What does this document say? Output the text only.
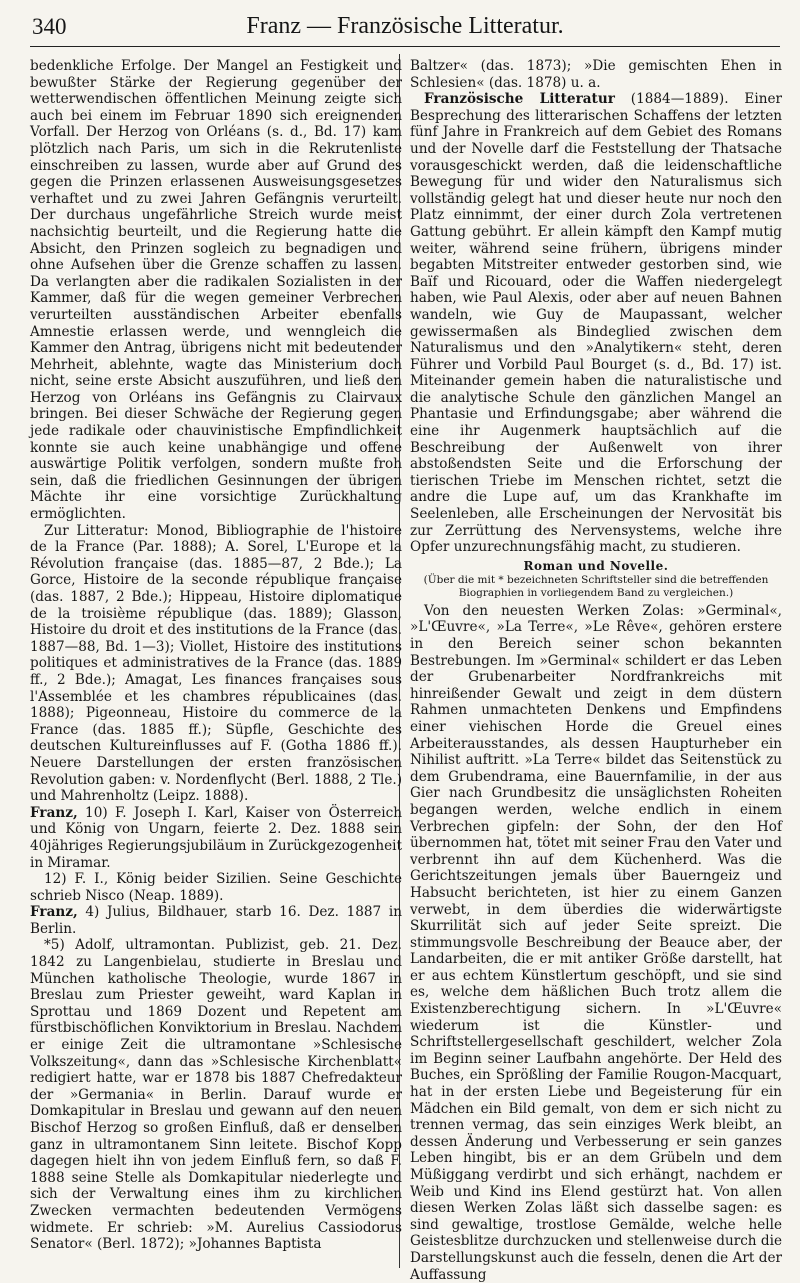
340	Franz — Französische Litteratur.

bedenkliche Erfolge. Der Mangel an Festigkeit und bewußter Stärke der Regierung gegenüber der wetterwendischen öffentlichen Meinung zeigte sich auch bei einem im Februar 1890 sich ereignenden Vorfall. Der Herzog von Orléans (s. d., Bd. 17) kam plötzlich nach Paris, um sich in die Rekrutenliste einschreiben zu lassen, wurde aber auf Grund des gegen die Prinzen erlassenen Ausweisungsgesetzes verhaftet und zu zwei Jahren Gefängnis verurteilt. Der durchaus ungefährliche Streich wurde meist nachsichtig beurteilt, und die Regierung hatte die Absicht, den Prinzen sogleich zu begnadigen und ohne Aufsehen über die Grenze schaffen zu lassen. Da verlangten aber die radikalen Sozialisten in der Kammer, daß für die wegen gemeiner Verbrechen verurteilten ausständischen Arbeiter ebenfalls Amnestie erlassen werde, und wenngleich die Kammer den Antrag, übrigens nicht mit bedeutender Mehrheit, ablehnte, wagte das Ministerium doch nicht, seine erste Absicht auszuführen, und ließ den Herzog von Orléans ins Gefängnis zu Clairvaux bringen. Bei dieser Schwäche der Regierung gegen jede radikale oder chauvinistische Empfindlichkeit konnte sie auch keine unabhängige und offene auswärtige Politik verfolgen, sondern mußte froh sein, daß die friedlichen Gesinnungen der übrigen Mächte ihr eine vorsichtige Zurückhaltung ermöglichten.

Zur Litteratur: Monod, Bibliographie de l'histoire de la France (Par. 1888); A. Sorel, L'Europe et la Révolution française (das. 1885—87, 2 Bde.); La Gorce, Histoire de la seconde république française (das. 1887, 2 Bde.); Hippeau, Histoire diplomatique de la troisième république (das. 1889); Glasson, Histoire du droit et des institutions de la France (das. 1887—88, Bd. 1—3); Viollet, Histoire des institutions politiques et administratives de la France (das. 1889 ff., 2 Bde.); Amagat, Les finances françaises sous l'Assemblée et les chambres républicaines (das. 1888); Pigeonneau, Histoire du commerce de la France (das. 1885 ff.); Süpfle, Geschichte des deutschen Kultureinflusses auf F. (Gotha 1886 ff.). Neuere Darstellungen der ersten französischen Revolution gaben: v. Nordenflycht (Berl. 1888, 2 Tle.) und Mahrenholtz (Leipz. 1888).

Franz, 10) F. Joseph I. Karl, Kaiser von Österreich und König von Ungarn, feierte 2. Dez. 1888 sein 40jähriges Regierungsjubiläum in Zurückgezogenheit in Miramar.

12) F. I., König beider Sizilien. Seine Geschichte schrieb Nisco (Neap. 1889).

Franz, 4) Julius, Bildhauer, starb 16. Dez. 1887 in Berlin.

*5) Adolf, ultramontan. Publizist, geb. 21. Dez. 1842 zu Langenbielau, studierte in Breslau und München katholische Theologie, wurde 1867 in Breslau zum Priester geweiht, ward Kaplan in Sprottau und 1869 Dozent und Repetent am fürstbischöflichen Konviktorium in Breslau. Nachdem er einige Zeit die ultramontane »Schlesische Volkszeitung«, dann das »Schlesische Kirchenblatt« redigiert hatte, war er 1878 bis 1887 Chefredakteur der »Germania« in Berlin. Darauf wurde er Domkapitular in Breslau und gewann auf den neuen Bischof Herzog so großen Einfluß, daß er denselben ganz in ultramontanem Sinn leitete. Bischof Kopp dagegen hielt ihn von jedem Einfluß fern, so daß F. 1888 seine Stelle als Domkapitular niederlegte und sich der Verwaltung eines ihm zu kirchlichen Zwecken vermachten bedeutenden Vermögens widmete. Er schrieb: »M. Aurelius Cassiodorus Senator« (Berl. 1872); »Johannes Baptista

Baltzer« (das. 1873); »Die gemischten Ehen in Schlesien« (das. 1878) u. a.

Französische Litteratur (1884—1889). Einer Besprechung des litterarischen Schaffens der letzten fünf Jahre in Frankreich auf dem Gebiet des Romans und der Novelle darf die Feststellung der Thatsache vorausgeschickt werden, daß die leidenschaftliche Bewegung für und wider den Naturalismus sich vollständig gelegt hat und dieser heute nur noch den Platz einnimmt, der einer durch Zola vertretenen Gattung gebührt. Er allein kämpft den Kampf mutig weiter, während seine frühern, übrigens minder begabten Mitstreiter entweder gestorben sind, wie Baïf und Ricouard, oder die Waffen niedergelegt haben, wie Paul Alexis, oder aber auf neuen Bahnen wandeln, wie Guy de Maupassant, welcher gewissermaßen als Bindeglied zwischen dem Naturalismus und den »Analytikern« steht, deren Führer und Vorbild Paul Bourget (s. d., Bd. 17) ist. Miteinander gemein haben die naturalistische und die analytische Schule den gänzlichen Mangel an Phantasie und Erfindungsgabe; aber während die eine ihr Augenmerk hauptsächlich auf die Beschreibung der Außenwelt von ihrer abstoßendsten Seite und die Erforschung der tierischen Triebe im Menschen richtet, setzt die andre die Lupe auf, um das Krankhafte im Seelenleben, alle Erscheinungen der Nervosität bis zur Zerrüttung des Nervensystems, welche ihre Opfer unzurechnungsfähig macht, zu studieren.

Roman und Novelle.
(Über die mit * bezeichneten Schriftsteller sind die betreffenden Biographien in vorliegendem Band zu vergleichen.)

Von den neuesten Werken Zolas: »Germinal«, »L'Œuvre«, »La Terre«, »Le Rêve«, gehören erstere in den Bereich seiner schon bekannten Bestrebungen. Im »Germinal« schildert er das Leben der Grubenarbeiter Nordfrankreichs mit hinreißender Gewalt und zeigt in dem düstern Rahmen unmachteten Denkens und Empfindens einer viehischen Horde die Greuel eines Arbeiterausstandes, als dessen Haupturheber ein Nihilist auftritt. »La Terre« bildet das Seitenstück zu dem Grubendrama, eine Bauernfamilie, in der aus Gier nach Grundbesitz die unsäglichsten Roheiten begangen werden, welche endlich in einem Verbrechen gipfeln: der Sohn, der den Hof übernommen hat, tötet mit seiner Frau den Vater und verbrennt ihn auf dem Küchenherd. Was die Gerichtszeitungen jemals über Bauerngeiz und Habsucht berichteten, ist hier zu einem Ganzen verwebt, in dem überdies die widerwärtigste Skurrilität sich auf jeder Seite spreizt. Die stimmungsvolle Beschreibung der Beauce aber, der Landarbeiten, die er mit antiker Größe darstellt, hat er aus echtem Künstlertum geschöpft, und sie sind es, welche dem häßlichen Buch trotz allem die Existenzberechtigung sichern. In »L'Œuvre« wiederum ist die Künstler- und Schriftstellergesellschaft geschildert, welcher Zola im Beginn seiner Laufbahn angehörte. Der Held des Buches, ein Sprößling der Familie Rougon-Macquart, hat in der ersten Liebe und Begeisterung für ein Mädchen ein Bild gemalt, von dem er sich nicht zu trennen vermag, das sein einziges Werk bleibt, an dessen Änderung und Verbesserung er sein ganzes Leben hingibt, bis er an dem Grübeln und dem Müßiggang verdirbt und sich erhängt, nachdem er Weib und Kind ins Elend gestürzt hat. Von allen diesen Werken Zolas läßt sich dasselbe sagen: es sind gewaltige, trostlose Gemälde, welche helle Geistesblitze durchzucken und stellenweise durch die Darstellungskunst auch die fesseln, denen die Art der Auffassung
